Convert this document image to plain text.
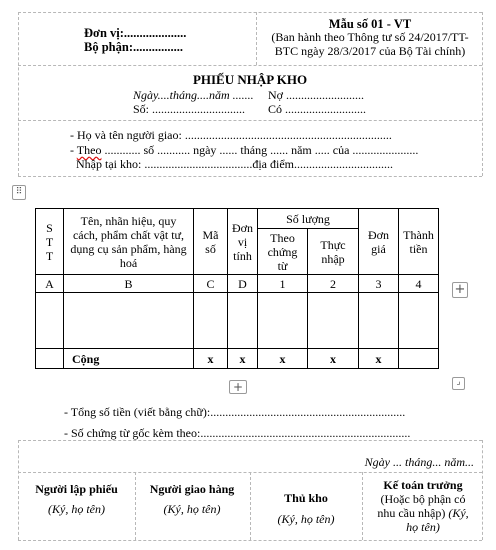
Đơn vị:....................
Bộ phận:................
Mẫu số 01 - VT
(Ban hành theo Thông tư số 24/2017/TT-
BTC ngày 28/3/2017 của Bộ Tài chính)
PHIẾU NHẬP KHO
Ngày....tháng....năm .......
Số: ...............................
Nợ ..........................
Có ...........................
- Họ và tên người giao: .....................................................................
- Theo ............ số ........... ngày ...... tháng ...... năm ..... của ......................
Nhập tại kho: ....................................địa điểm.................................
⠿
S T T	Tên, nhãn hiệu, quy cách, phẩm chất vật tư, dụng cụ sản phẩm, hàng hoá	Mã số	Đơn vị tính	Số lượng		Đơn giá	Thành tiền
				Theo chứng từ	Thực nhập		
A	B	C	D	1	2	3	4

	Cộng	x	x	x	x	x	
+
+	⌟
- Tổng số tiền (viết bằng chữ):.................................................................
- Số chứng từ gốc kèm theo:......................................................................
Ngày ... tháng... năm...
Người lập phiếu
(Ký, họ tên)
Người giao hàng
(Ký, họ tên)
Thủ kho
(Ký, họ tên)
Kế toán trưởng
(Hoặc bộ phận có
nhu cầu nhập) (Ký,
họ tên)
